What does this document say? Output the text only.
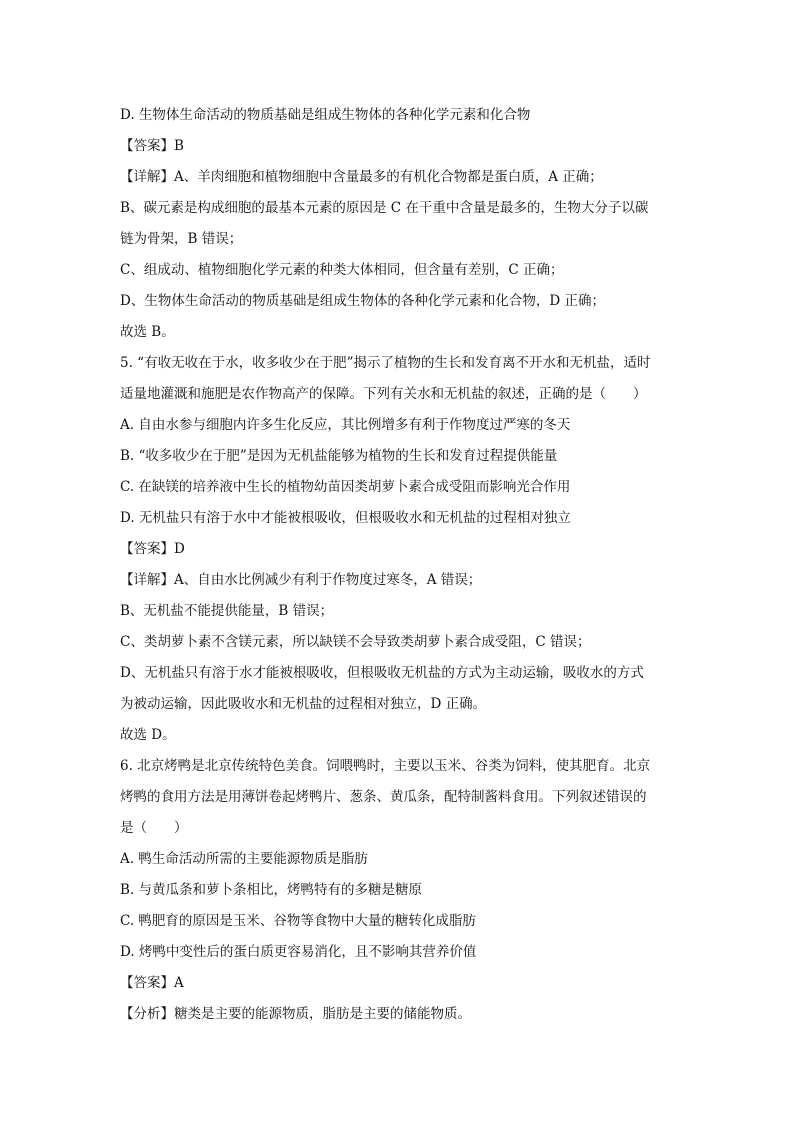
D. 生物体生命活动的物质基础是组成生物体的各种化学元素和化合物
【答案】B
【详解】A、羊肉细胞和植物细胞中含量最多的有机化合物都是蛋白质，A 正确；
B、碳元素是构成细胞的最基本元素的原因是 C 在干重中含量是最多的，生物大分子以碳
链为骨架，B 错误；
C、组成动、植物细胞化学元素的种类大体相同，但含量有差别，C 正确；
D、生物体生命活动的物质基础是组成生物体的各种化学元素和化合物，D 正确；
故选 B。
5. “有收无收在于水，收多收少在于肥”揭示了植物的生长和发育离不开水和无机盐，适时
适量地灌溉和施肥是农作物高产的保障。下列有关水和无机盐的叙述，正确的是（　　）
A. 自由水参与细胞内许多生化反应，其比例增多有利于作物度过严寒的冬天
B. “收多收少在于肥”是因为无机盐能够为植物的生长和发育过程提供能量
C. 在缺镁的培养液中生长的植物幼苗因类胡萝卜素合成受阻而影响光合作用
D. 无机盐只有溶于水中才能被根吸收，但根吸收水和无机盐的过程相对独立
【答案】D
【详解】A、自由水比例减少有利于作物度过寒冬，A 错误；
B、无机盐不能提供能量，B 错误；
C、类胡萝卜素不含镁元素，所以缺镁不会导致类胡萝卜素合成受阻，C 错误；
D、无机盐只有溶于水才能被根吸收，但根吸收无机盐的方式为主动运输，吸收水的方式
为被动运输，因此吸收水和无机盐的过程相对独立，D 正确。
故选 D。
6. 北京烤鸭是北京传统特色美食。饲喂鸭时，主要以玉米、谷类为饲料，使其肥育。北京
烤鸭的食用方法是用薄饼卷起烤鸭片、葱条、黄瓜条，配特制酱料食用。下列叙述错误的
是（　　）
A. 鸭生命活动所需的主要能源物质是脂肪
B. 与黄瓜条和萝卜条相比，烤鸭特有的多糖是糖原
C. 鸭肥育的原因是玉米、谷物等食物中大量的糖转化成脂肪
D. 烤鸭中变性后的蛋白质更容易消化，且不影响其营养价值
【答案】A
【分析】糖类是主要的能源物质，脂肪是主要的储能物质。
